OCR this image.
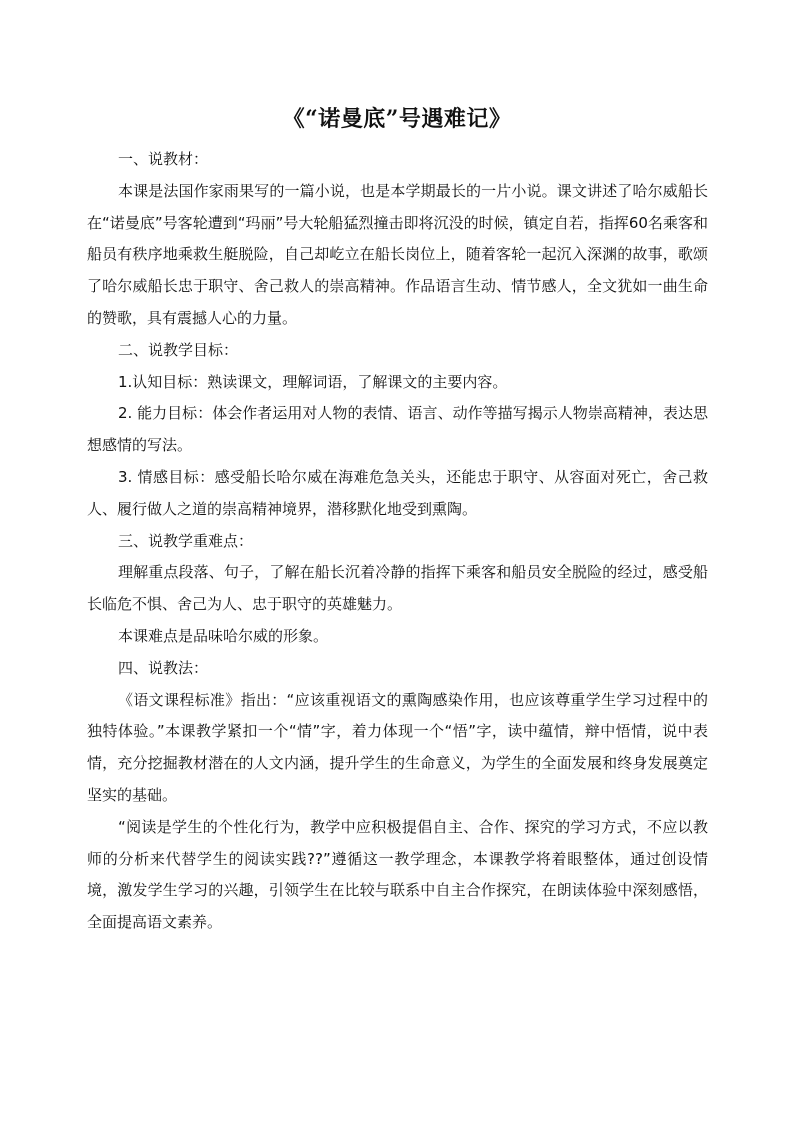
《“诺曼底”号遇难记》

一、说教材：

本课是法国作家雨果写的一篇小说，也是本学期最长的一片小说。课文讲述了哈尔威船长在“诺曼底”号客轮遭到“玛丽”号大轮船猛烈撞击即将沉没的时候，镇定自若，指挥60名乘客和船员有秩序地乘救生艇脱险，自己却屹立在船长岗位上，随着客轮一起沉入深渊的故事，歌颂了哈尔威船长忠于职守、舍己救人的崇高精神。作品语言生动、情节感人，全文犹如一曲生命的赞歌，具有震撼人心的力量。

二、说教学目标：

1.认知目标：熟读课文，理解词语，了解课文的主要内容。

2. 能力目标：体会作者运用对人物的表情、语言、动作等描写揭示人物崇高精神，表达思想感情的写法。

3. 情感目标：感受船长哈尔威在海难危急关头，还能忠于职守、从容面对死亡，舍己救人、履行做人之道的崇高精神境界，潜移默化地受到熏陶。

三、说教学重难点：

理解重点段落、句子，了解在船长沉着冷静的指挥下乘客和船员安全脱险的经过，感受船长临危不惧、舍己为人、忠于职守的英雄魅力。

本课难点是品味哈尔威的形象。

四、说教法：

《语文课程标准》指出：“应该重视语文的熏陶感染作用，也应该尊重学生学习过程中的独特体验。”本课教学紧扣一个“情”字，着力体现一个“悟”字，读中蕴情，辩中悟情，说中表情，充分挖掘教材潜在的人文内涵，提升学生的生命意义，为学生的全面发展和终身发展奠定坚实的基础。

“阅读是学生的个性化行为，教学中应积极提倡自主、合作、探究的学习方式，不应以教师的分析来代替学生的阅读实践??”遵循这一教学理念，本课教学将着眼整体，通过创设情境，激发学生学习的兴趣，引领学生在比较与联系中自主合作探究，在朗读体验中深刻感悟，全面提高语文素养。
